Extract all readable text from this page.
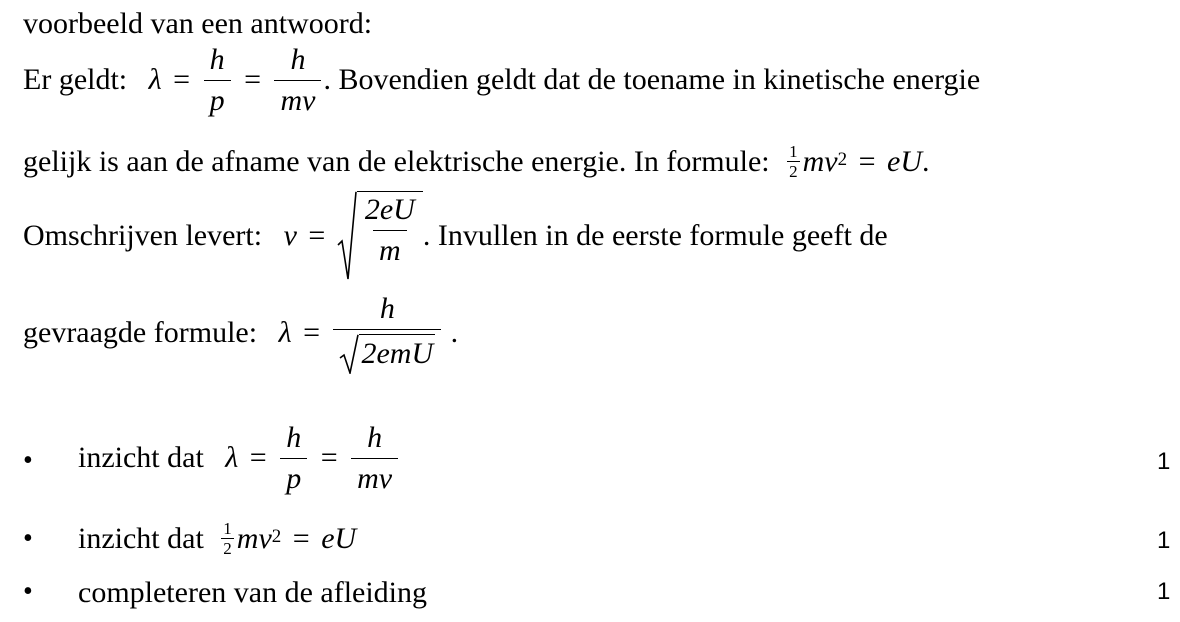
voorbeeld van een antwoord:
Er geldt: $\lambda = \frac{h}{p} = \frac{h}{mv}$ . Bovendien geldt dat de toename in kinetische energie
gelijk is aan de afname van de elektrische energie. In formule: $\frac{1}{2} mv^2$ = eU.
Omschrijven levert: $v = \frac{2eU}{m}$ . Invullen in de eerste formule geeft de
gevraagde formule: $\lambda = \frac{h}{\text{2emU}}$ .
• inzicht dat $\lambda = \frac{h}{p} = \frac{h}{mv}$	1
• inzicht dat $\frac{1}{2} mv^2$ = eU	1
• completeren van de afleiding	1
